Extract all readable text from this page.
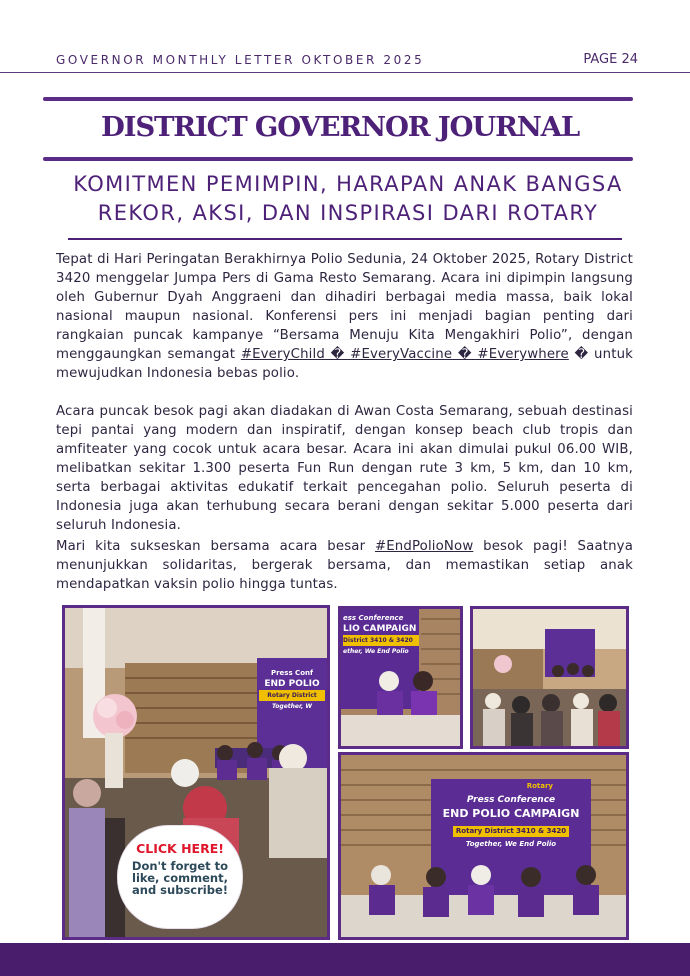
GOVERNOR MONTHLY LETTER OKTOBER 2025	PAGE 24
DISTRICT GOVERNOR JOURNAL
KOMITMEN PEMIMPIN, HARAPAN ANAK BANGSA
REKOR, AKSI, DAN INSPIRASI DARI ROTARY
Tepat di Hari Peringatan Berakhirnya Polio Sedunia, 24 Oktober 2025, Rotary District 3420 menggelar Jumpa Pers di Gama Resto Semarang. Acara ini dipimpin langsung oleh Gubernur Dyah Anggraeni dan dihadiri berbagai media massa, baik lokal nasional maupun nasional. Konferensi pers ini menjadi bagian penting dari rangkaian puncak kampanye “Bersama Menuju Kita Mengakhiri Polio”, dengan menggaungkan semangat #EveryChild � #EveryVaccine � #Everywhere � untuk mewujudkan Indonesia bebas polio.
Acara puncak besok pagi akan diadakan di Awan Costa Semarang, sebuah destinasi tepi pantai yang modern dan inspiratif, dengan konsep beach club tropis dan amfiteater yang cocok untuk acara besar. Acara ini akan dimulai pukul 06.00 WIB, melibatkan sekitar 1.300 peserta Fun Run dengan rute 3 km, 5 km, dan 10 km, serta berbagai aktivitas edukatif terkait pencegahan polio. Seluruh peserta di Indonesia juga akan terhubung secara berani dengan sekitar 5.000 peserta dari seluruh Indonesia.
Mari kita sukseskan bersama acara besar #EndPolioNow besok pagi! Saatnya menunjukkan solidaritas, bergerak bersama, dan memastikan setiap anak mendapatkan vaksin polio hingga tuntas.
Press Conf
END POLIO
Rotary District
Together, W
ess Conference
LIO CAMPAIGN
District 3410 & 3420
ether, We End Polio
Rotary
Press Conference
END POLIO CAMPAIGN
Rotary District 3410 & 3420
Together, We End Polio
CLICK HERE!
Don't forget to
like, comment,
and subscribe!
